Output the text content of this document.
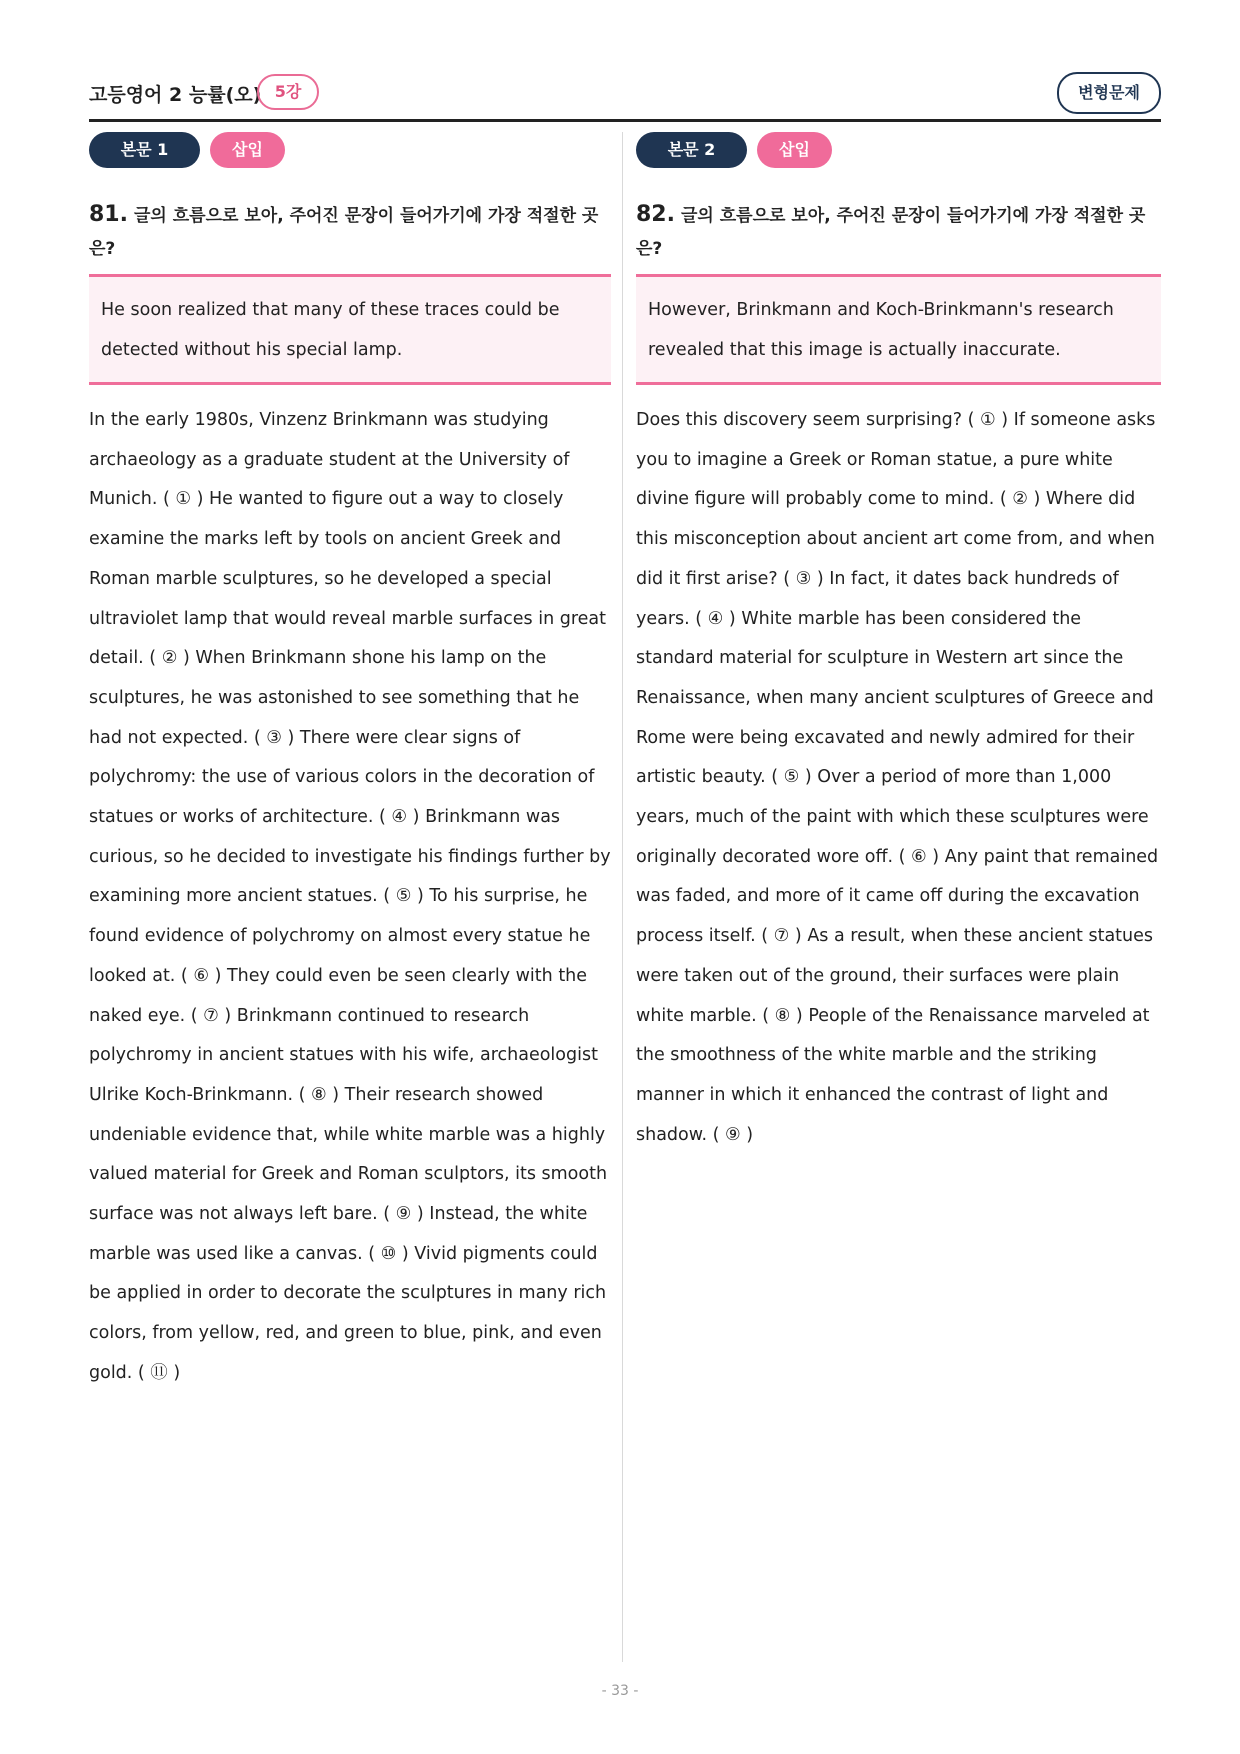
고등영어 2 능률(오) 5강	변형문제
본문 1	삽입
81. 글의 흐름으로 보아, 주어진 문장이 들어가기에 가장 적절한 곳은?
He soon realized that many of these traces could be detected without his special lamp.
In the early 1980s, Vinzenz Brinkmann was studying archaeology as a graduate student at the University of Munich. ( ① ) He wanted to figure out a way to closely examine the marks left by tools on ancient Greek and Roman marble sculptures, so he developed a special ultraviolet lamp that would reveal marble surfaces in great detail. ( ② ) When Brinkmann shone his lamp on the sculptures, he was astonished to see something that he had not expected. ( ③ ) There were clear signs of polychromy: the use of various colors in the decoration of statues or works of architecture. ( ④ ) Brinkmann was curious, so he decided to investigate his findings further by examining more ancient statues. ( ⑤ ) To his surprise, he found evidence of polychromy on almost every statue he looked at. ( ⑥ ) They could even be seen clearly with the naked eye. ( ⑦ ) Brinkmann continued to research polychromy in ancient statues with his wife, archaeologist Ulrike Koch-Brinkmann. ( ⑧ ) Their research showed undeniable evidence that, while white marble was a highly valued material for Greek and Roman sculptors, its smooth surface was not always left bare. ( ⑨ ) Instead, the white marble was used like a canvas. ( ⑩ ) Vivid pigments could be applied in order to decorate the sculptures in many rich colors, from yellow, red, and green to blue, pink, and even gold. ( ⑪ )
본문 2	삽입
82. 글의 흐름으로 보아, 주어진 문장이 들어가기에 가장 적절한 곳은?
However, Brinkmann and Koch-Brinkmann's research revealed that this image is actually inaccurate.
Does this discovery seem surprising? ( ① ) If someone asks you to imagine a Greek or Roman statue, a pure white divine figure will probably come to mind. ( ② ) Where did this misconception about ancient art come from, and when did it first arise? ( ③ ) In fact, it dates back hundreds of years. ( ④ ) White marble has been considered the standard material for sculpture in Western art since the Renaissance, when many ancient sculptures of Greece and Rome were being excavated and newly admired for their artistic beauty. ( ⑤ ) Over a period of more than 1,000 years, much of the paint with which these sculptures were originally decorated wore off. ( ⑥ ) Any paint that remained was faded, and more of it came off during the excavation process itself. ( ⑦ ) As a result, when these ancient statues were taken out of the ground, their surfaces were plain white marble. ( ⑧ ) People of the Renaissance marveled at the smoothness of the white marble and the striking manner in which it enhanced the contrast of light and shadow. ( ⑨ )
- 33 -
